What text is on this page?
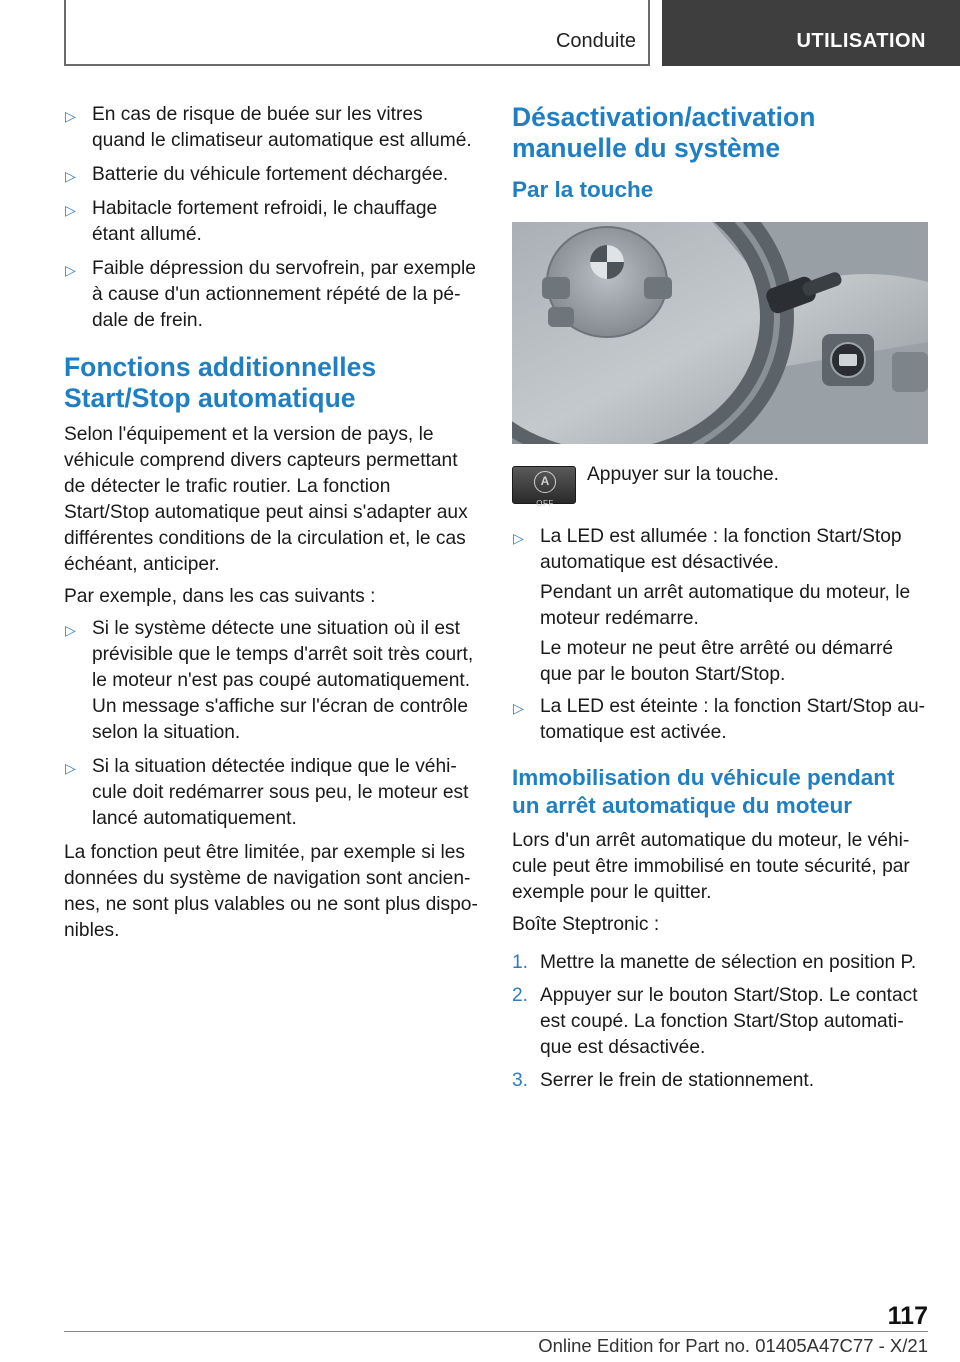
Conduite	UTILISATION
▷ En cas de risque de buée sur les vitres quand le climatiseur automatique est allumé.
▷ Batterie du véhicule fortement déchargée.
▷ Habitacle fortement refroidi, le chauffage étant allumé.
▷ Faible dépression du servofrein, par exemple à cause d'un actionnement répété de la pédale de frein.
Fonctions additionnelles Start/Stop automatique

Selon l'équipement et la version de pays, le véhicule comprend divers capteurs permettant de détecter le trafic routier. La fonction Start/Stop automatique peut ainsi s'adapter aux différentes conditions de la circulation et, le cas échéant, anticiper.

Par exemple, dans les cas suivants :

▷ Si le système détecte une situation où il est prévisible que le temps d'arrêt soit très court, le moteur n'est pas coupé automatiquement. Un message s'affiche sur l'écran de contrôle selon la situation.
▷ Si la situation détectée indique que le véhicule doit redémarrer sous peu, le moteur est lancé automatiquement.

La fonction peut être limitée, par exemple si les données du système de navigation sont anciennes, ne sont plus valables ou ne sont plus disponibles.

Désactivation/activation manuelle du système
Par la touche
A
OFF
Appuyer sur la touche.
▷ La LED est allumée : la fonction Start/Stop automatique est désactivée.
Pendant un arrêt automatique du moteur, le moteur redémarre.
Le moteur ne peut être arrêté ou démarré que par le bouton Start/Stop.
▷ La LED est éteinte : la fonction Start/Stop automatique est activée.
Immobilisation du véhicule pendant un arrêt automatique du moteur

Lors d'un arrêt automatique du moteur, le véhicule peut être immobilisé en toute sécurité, par exemple pour le quitter.

Boîte Steptronic :

1. Mettre la manette de sélection en position P.
2. Appuyer sur le bouton Start/Stop. Le contact est coupé. La fonction Start/Stop automatique est désactivée.
3. Serrer le frein de stationnement.
117
Online Edition for Part no. 01405A47C77 - X/21
